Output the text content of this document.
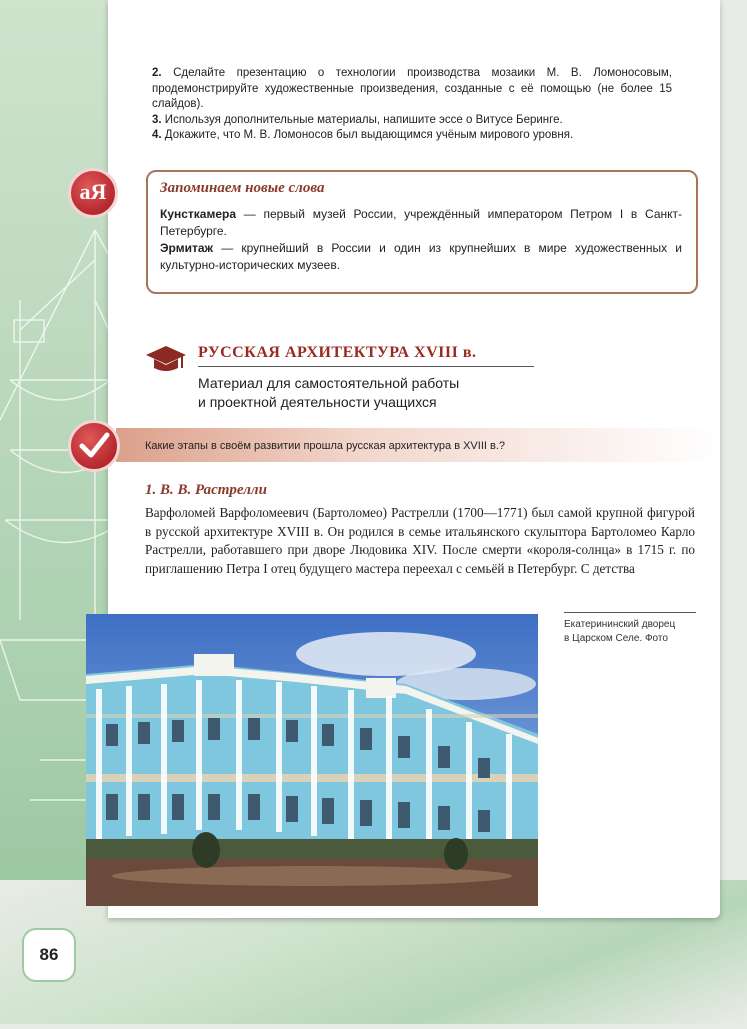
2. Сделайте презентацию о технологии производства мозаики М. В. Ломоносовым, продемонстрируйте художественные произведения, созданные с её помощью (не более 15 слайдов).

3. Используя дополнительные материалы, напишите эссе о Витусе Беринге.

4. Докажите, что М. В. Ломоносов был выдающимся учёным мирового уровня.

аЯ	Запоминаем новые слова

Кунсткамера — первый музей России, учреждённый императором Петром I в Санкт-Петербурге.

Эрмитаж — крупнейший в России и один из крупнейших в мире художественных и культурно-исторических музеев.

РУССКАЯ АРХИТЕКТУРА XVIII в.
Материал для самостоятельной работы
и проектной деятельности учащихся
Какие этапы в своём развитии прошла русская архитектура в XVIII в.?
1. В. В. Растрелли
Варфоломей Варфоломеевич (Бартоломео) Растрелли (1700—1771) был самой крупной фигурой в русской архитектуре XVIII в. Он родился в семье итальянского скульптора Бартоломео Карло Растрелли, работавшего при дворе Людовика XIV. После смерти «короля-солнца» в 1715 г. по приглашению Петра I отец будущего мастера переехал с семьёй в Петербург. С детства
Екатерининский дворец
в Царском Селе. Фото
86
